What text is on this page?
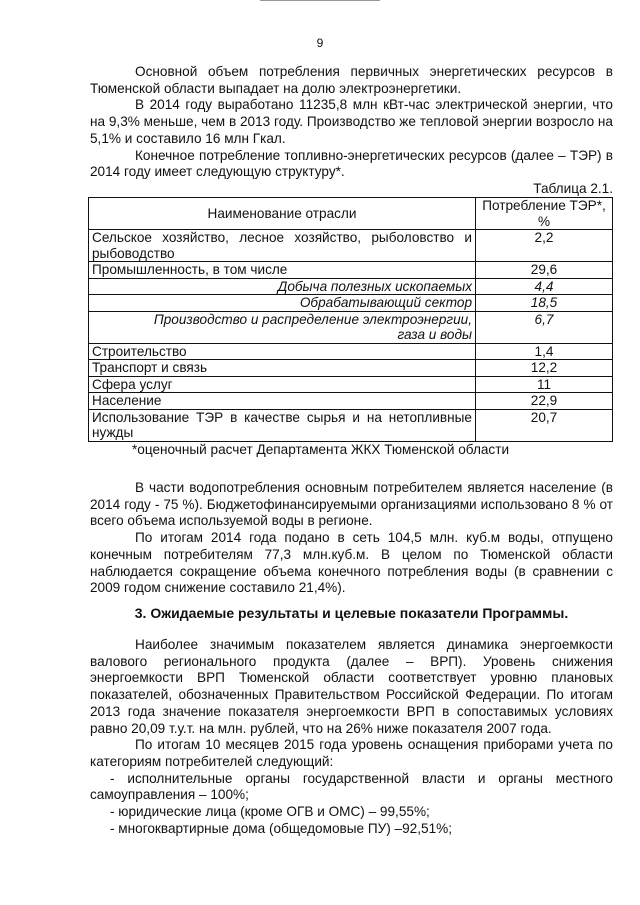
9

Основной объем потребления первичных энергетических ресурсов в Тюменской области выпадает на долю электроэнергетики.

В 2014 году выработано 11235,8 млн кВт-час электрической энергии, что на 9,3% меньше, чем в 2013 году. Производство же тепловой энергии возросло на 5,1% и составило 16 млн Гкал.

Конечное потребление топливно-энергетических ресурсов (далее – ТЭР) в 2014 году имеет следующую структуру*.

Таблица 2.1.
Наименование отрасли	Потребление ТЭР*, %
Сельское хозяйство, лесное хозяйство, рыболовство и рыбоводство	2,2
Промышленность, в том числе	29,6
Добыча полезных ископаемых	4,4
Обрабатывающий сектор	18,5
Производство и распределение электроэнергии, газа и воды	6,7
Строительство	1,4
Транспорт и связь	12,2
Сфера услуг	11
Население	22,9
Использование ТЭР в качестве сырья и на нетопливные нужды	20,7
*оценочный расчет Департамента ЖКХ Тюменской области

В части водопотребления основным потребителем является население (в 2014 году - 75 %). Бюджетофинансируемыми организациями использовано 8 % от всего объема используемой воды в регионе.

По итогам 2014 года подано в сеть 104,5 млн. куб.м воды, отпущено конечным потребителям 77,3 млн.куб.м. В целом по Тюменской области наблюдается сокращение объема конечного потребления воды (в сравнении с 2009 годом снижение составило 21,4%).

3. Ожидаемые результаты и целевые показатели Программы.

Наиболее значимым показателем является динамика энергоемкости валового регионального продукта (далее – ВРП). Уровень снижения энергоемкости ВРП Тюменской области соответствует уровню плановых показателей, обозначенных Правительством Российской Федерации. По итогам 2013 года значение показателя энергоемкости ВРП в сопоставимых условиях равно 20,09 т.у.т. на млн. рублей, что на 26% ниже показателя 2007 года.

По итогам 10 месяцев 2015 года уровень оснащения приборами учета по категориям потребителей следующий:

- исполнительные органы государственной власти и органы местного самоуправления – 100%;

- юридические лица (кроме ОГВ и ОМС) – 99,55%;

- многоквартирные дома (общедомовые ПУ) –92,51%;
